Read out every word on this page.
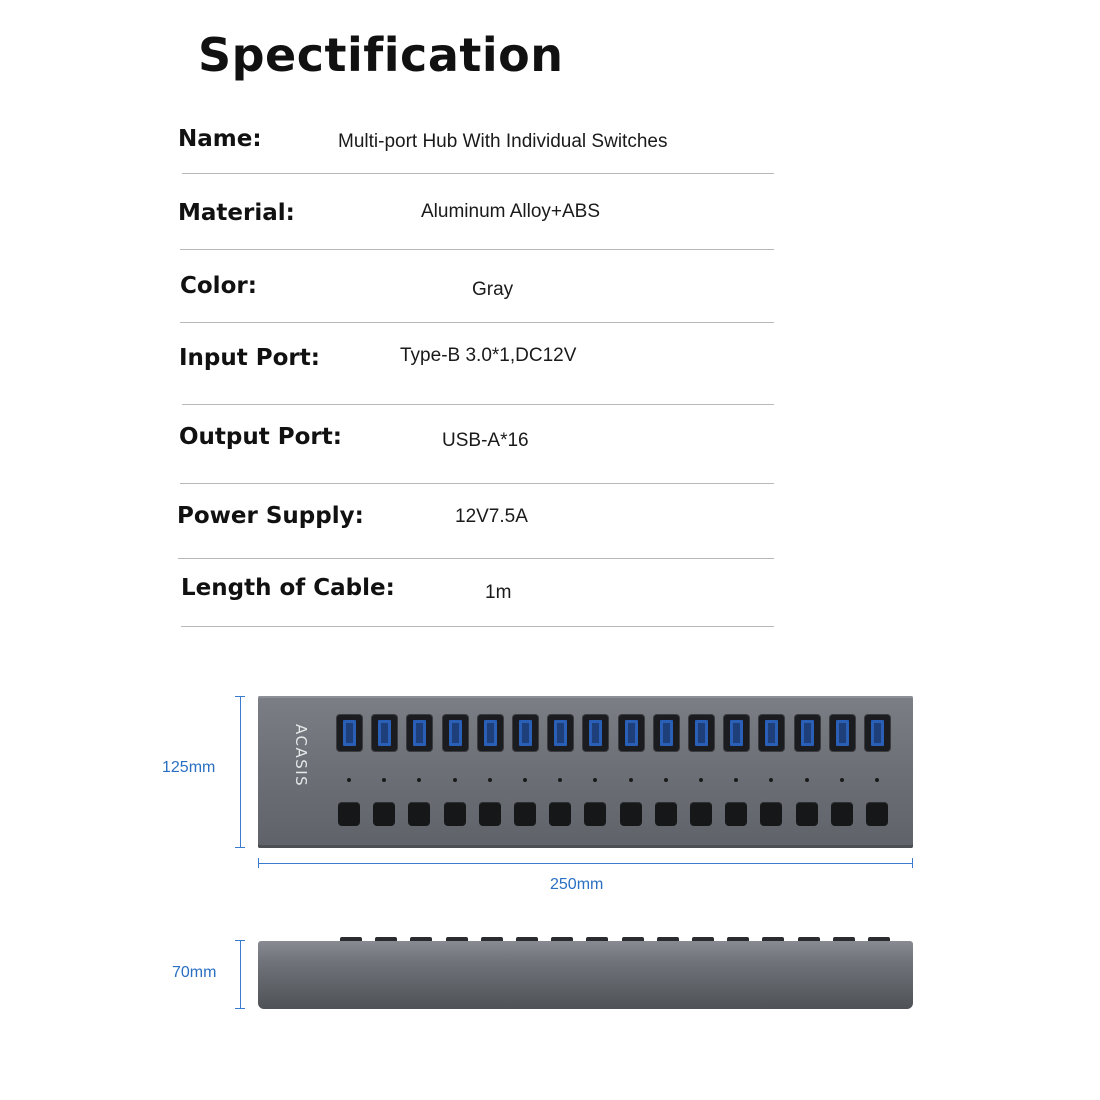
Spectification
Name:	Multi-port Hub With Individual Switches
Material:	Aluminum Alloy+ABS
Color:	Gray
Input Port:	Type-B 3.0*1,DC12V
Output Port:	USB-A*16
Power Supply:	12V7.5A
Length of Cable:	1m
125mm	ACASIS
250mm
70mm
